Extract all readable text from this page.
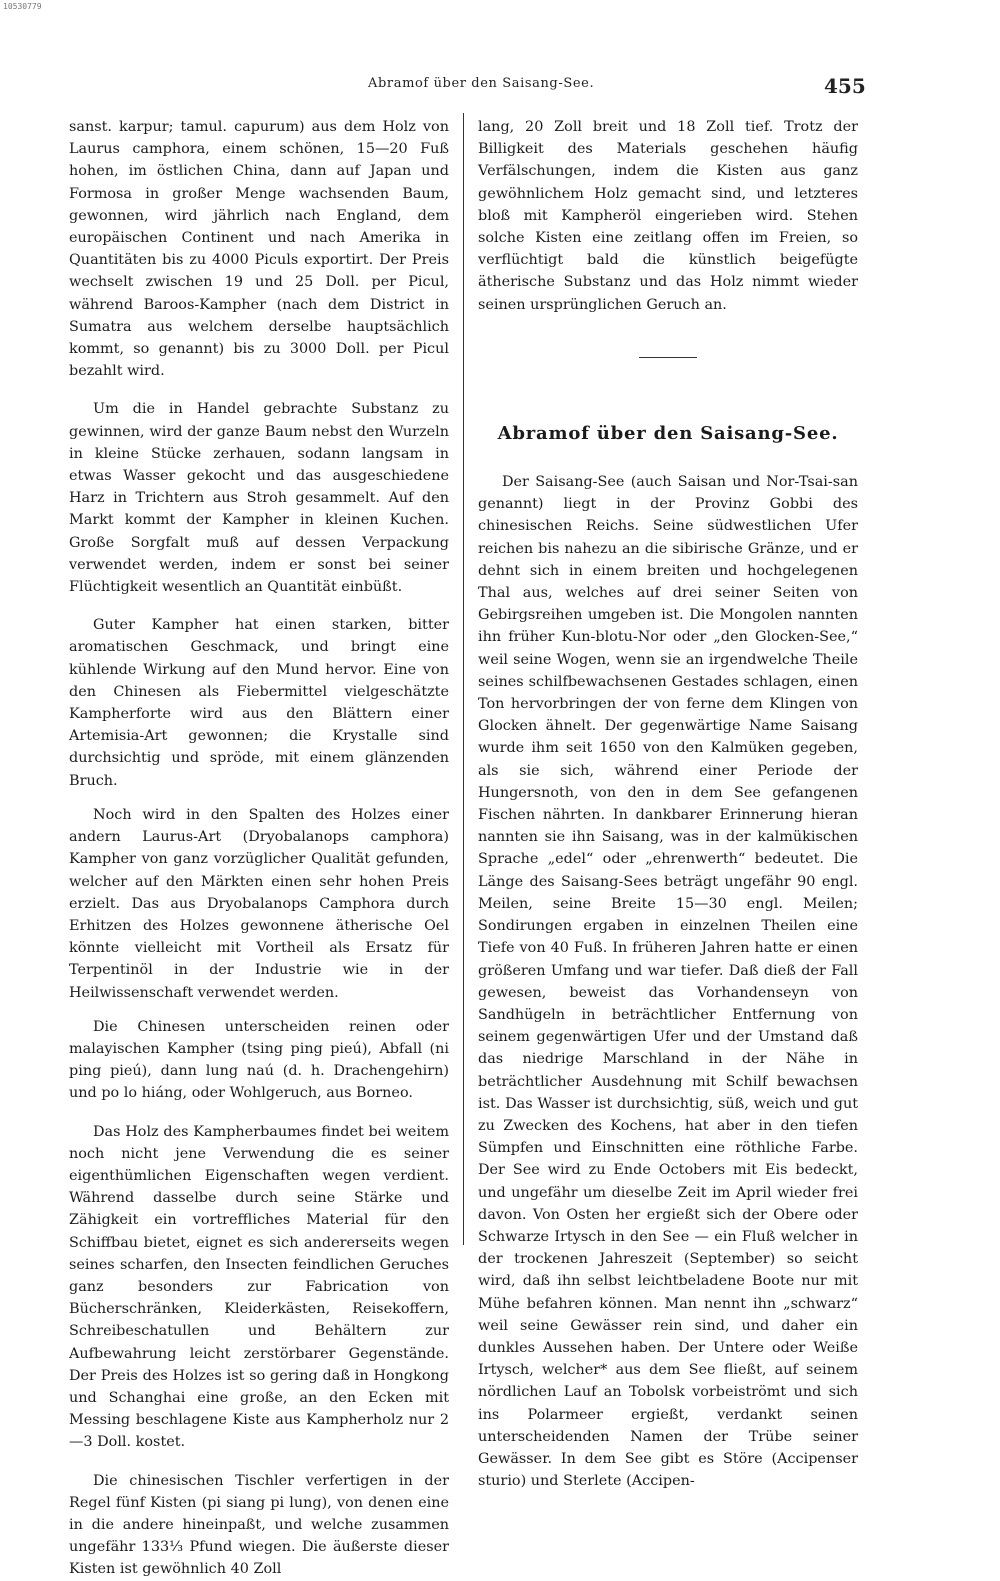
10530779
Abramof über den Saisang-See.	455

sanst. karpur; tamul. capurum) aus dem Holz von Laurus camphora, einem schönen, 15—20 Fuß hohen, im östlichen China, dann auf Japan und Formosa in großer Menge wachsenden Baum, gewonnen, wird jährlich nach England, dem europäischen Continent und nach Amerika in Quantitäten bis zu 4000 Piculs exportirt. Der Preis wechselt zwischen 19 und 25 Doll. per Picul, während Baroos-Kampher (nach dem District in Sumatra aus welchem derselbe hauptsächlich kommt, so genannt) bis zu 3000 Doll. per Picul bezahlt wird.

Um die in Handel gebrachte Substanz zu gewinnen, wird der ganze Baum nebst den Wurzeln in kleine Stücke zerhauen, sodann langsam in etwas Wasser gekocht und das ausgeschiedene Harz in Trichtern aus Stroh gesammelt. Auf den Markt kommt der Kampher in kleinen Kuchen. Große Sorgfalt muß auf dessen Verpackung verwendet werden, indem er sonst bei seiner Flüchtigkeit wesentlich an Quantität einbüßt.

Guter Kampher hat einen starken, bitter aromatischen Geschmack, und bringt eine kühlende Wirkung auf den Mund hervor. Eine von den Chinesen als Fiebermittel vielgeschätzte Kampherforte wird aus den Blättern einer Artemisia-Art gewonnen; die Krystalle sind durchsichtig und spröde, mit einem glänzenden Bruch.

Noch wird in den Spalten des Holzes einer andern Laurus-Art (Dryobalanops camphora) Kampher von ganz vorzüglicher Qualität gefunden, welcher auf den Märkten einen sehr hohen Preis erzielt. Das aus Dryobalanops Camphora durch Erhitzen des Holzes gewonnene ätherische Oel könnte vielleicht mit Vortheil als Ersatz für Terpentinöl in der Industrie wie in der Heilwissenschaft verwendet werden.

Die Chinesen unterscheiden reinen oder malayischen Kampher (tsing ping pieú), Abfall (ni ping pieú), dann lung naú (d. h. Drachengehirn) und po lo hiáng, oder Wohlgeruch, aus Borneo.

Das Holz des Kampherbaumes findet bei weitem noch nicht jene Verwendung die es seiner eigenthümlichen Eigenschaften wegen verdient. Während dasselbe durch seine Stärke und Zähigkeit ein vortreffliches Material für den Schiffbau bietet, eignet es sich andererseits wegen seines scharfen, den Insecten feindlichen Geruches ganz besonders zur Fabrication von Bücherschränken, Kleiderkästen, Reisekoffern, Schreibeschatullen und Behältern zur Aufbewahrung leicht zerstörbarer Gegenstände. Der Preis des Holzes ist so gering daß in Hongkong und Schanghai eine große, an den Ecken mit Messing beschlagene Kiste aus Kampherholz nur 2—3 Doll. kostet.

Die chinesischen Tischler verfertigen in der Regel fünf Kisten (pi siang pi lung), von denen eine in die andere hineinpaßt, und welche zusammen ungefähr 133⅓ Pfund wiegen. Die äußerste dieser Kisten ist gewöhnlich 40 Zoll

lang, 20 Zoll breit und 18 Zoll tief. Trotz der Billigkeit des Materials geschehen häufig Verfälschungen, indem die Kisten aus ganz gewöhnlichem Holz gemacht sind, und letzteres bloß mit Kampheröl eingerieben wird. Stehen solche Kisten eine zeitlang offen im Freien, so verflüchtigt bald die künstlich beigefügte ätherische Substanz und das Holz nimmt wieder seinen ursprünglichen Geruch an.

Abramof über den Saisang-See.

Der Saisang-See (auch Saisan und Nor-Tsai-san genannt) liegt in der Provinz Gobbi des chinesischen Reichs. Seine südwestlichen Ufer reichen bis nahezu an die sibirische Gränze, und er dehnt sich in einem breiten und hochgelegenen Thal aus, welches auf drei seiner Seiten von Gebirgsreihen umgeben ist. Die Mongolen nannten ihn früher Kun-blotu-Nor oder „den Glocken-See,“ weil seine Wogen, wenn sie an irgendwelche Theile seines schilfbewachsenen Gestades schlagen, einen Ton hervorbringen der von ferne dem Klingen von Glocken ähnelt. Der gegenwärtige Name Saisang wurde ihm seit 1650 von den Kalmüken gegeben, als sie sich, während einer Periode der Hungersnoth, von den in dem See gefangenen Fischen nährten. In dankbarer Erinnerung hieran nannten sie ihn Saisang, was in der kalmükischen Sprache „edel“ oder „ehrenwerth“ bedeutet. Die Länge des Saisang-Sees beträgt ungefähr 90 engl. Meilen, seine Breite 15—30 engl. Meilen; Sondirungen ergaben in einzelnen Theilen eine Tiefe von 40 Fuß. In früheren Jahren hatte er einen größeren Umfang und war tiefer. Daß dieß der Fall gewesen, beweist das Vorhandenseyn von Sandhügeln in beträchtlicher Entfernung von seinem gegenwärtigen Ufer und der Umstand daß das niedrige Marschland in der Nähe in beträchtlicher Ausdehnung mit Schilf bewachsen ist. Das Wasser ist durchsichtig, süß, weich und gut zu Zwecken des Kochens, hat aber in den tiefen Sümpfen und Einschnitten eine röthliche Farbe. Der See wird zu Ende Octobers mit Eis bedeckt, und ungefähr um dieselbe Zeit im April wieder frei davon. Von Osten her ergießt sich der Obere oder Schwarze Irtysch in den See — ein Fluß welcher in der trockenen Jahreszeit (September) so seicht wird, daß ihn selbst leichtbeladene Boote nur mit Mühe befahren können. Man nennt ihn „schwarz“ weil seine Gewässer rein sind, und daher ein dunkles Aussehen haben. Der Untere oder Weiße Irtysch, welcher* aus dem See fließt, auf seinem nördlichen Lauf an Tobolsk vorbeiströmt und sich ins Polarmeer ergießt, verdankt seinen unterscheidenden Namen der Trübe seiner Gewässer. In dem See gibt es Störe (Accipenser sturio) und Sterlete (Accipen-
